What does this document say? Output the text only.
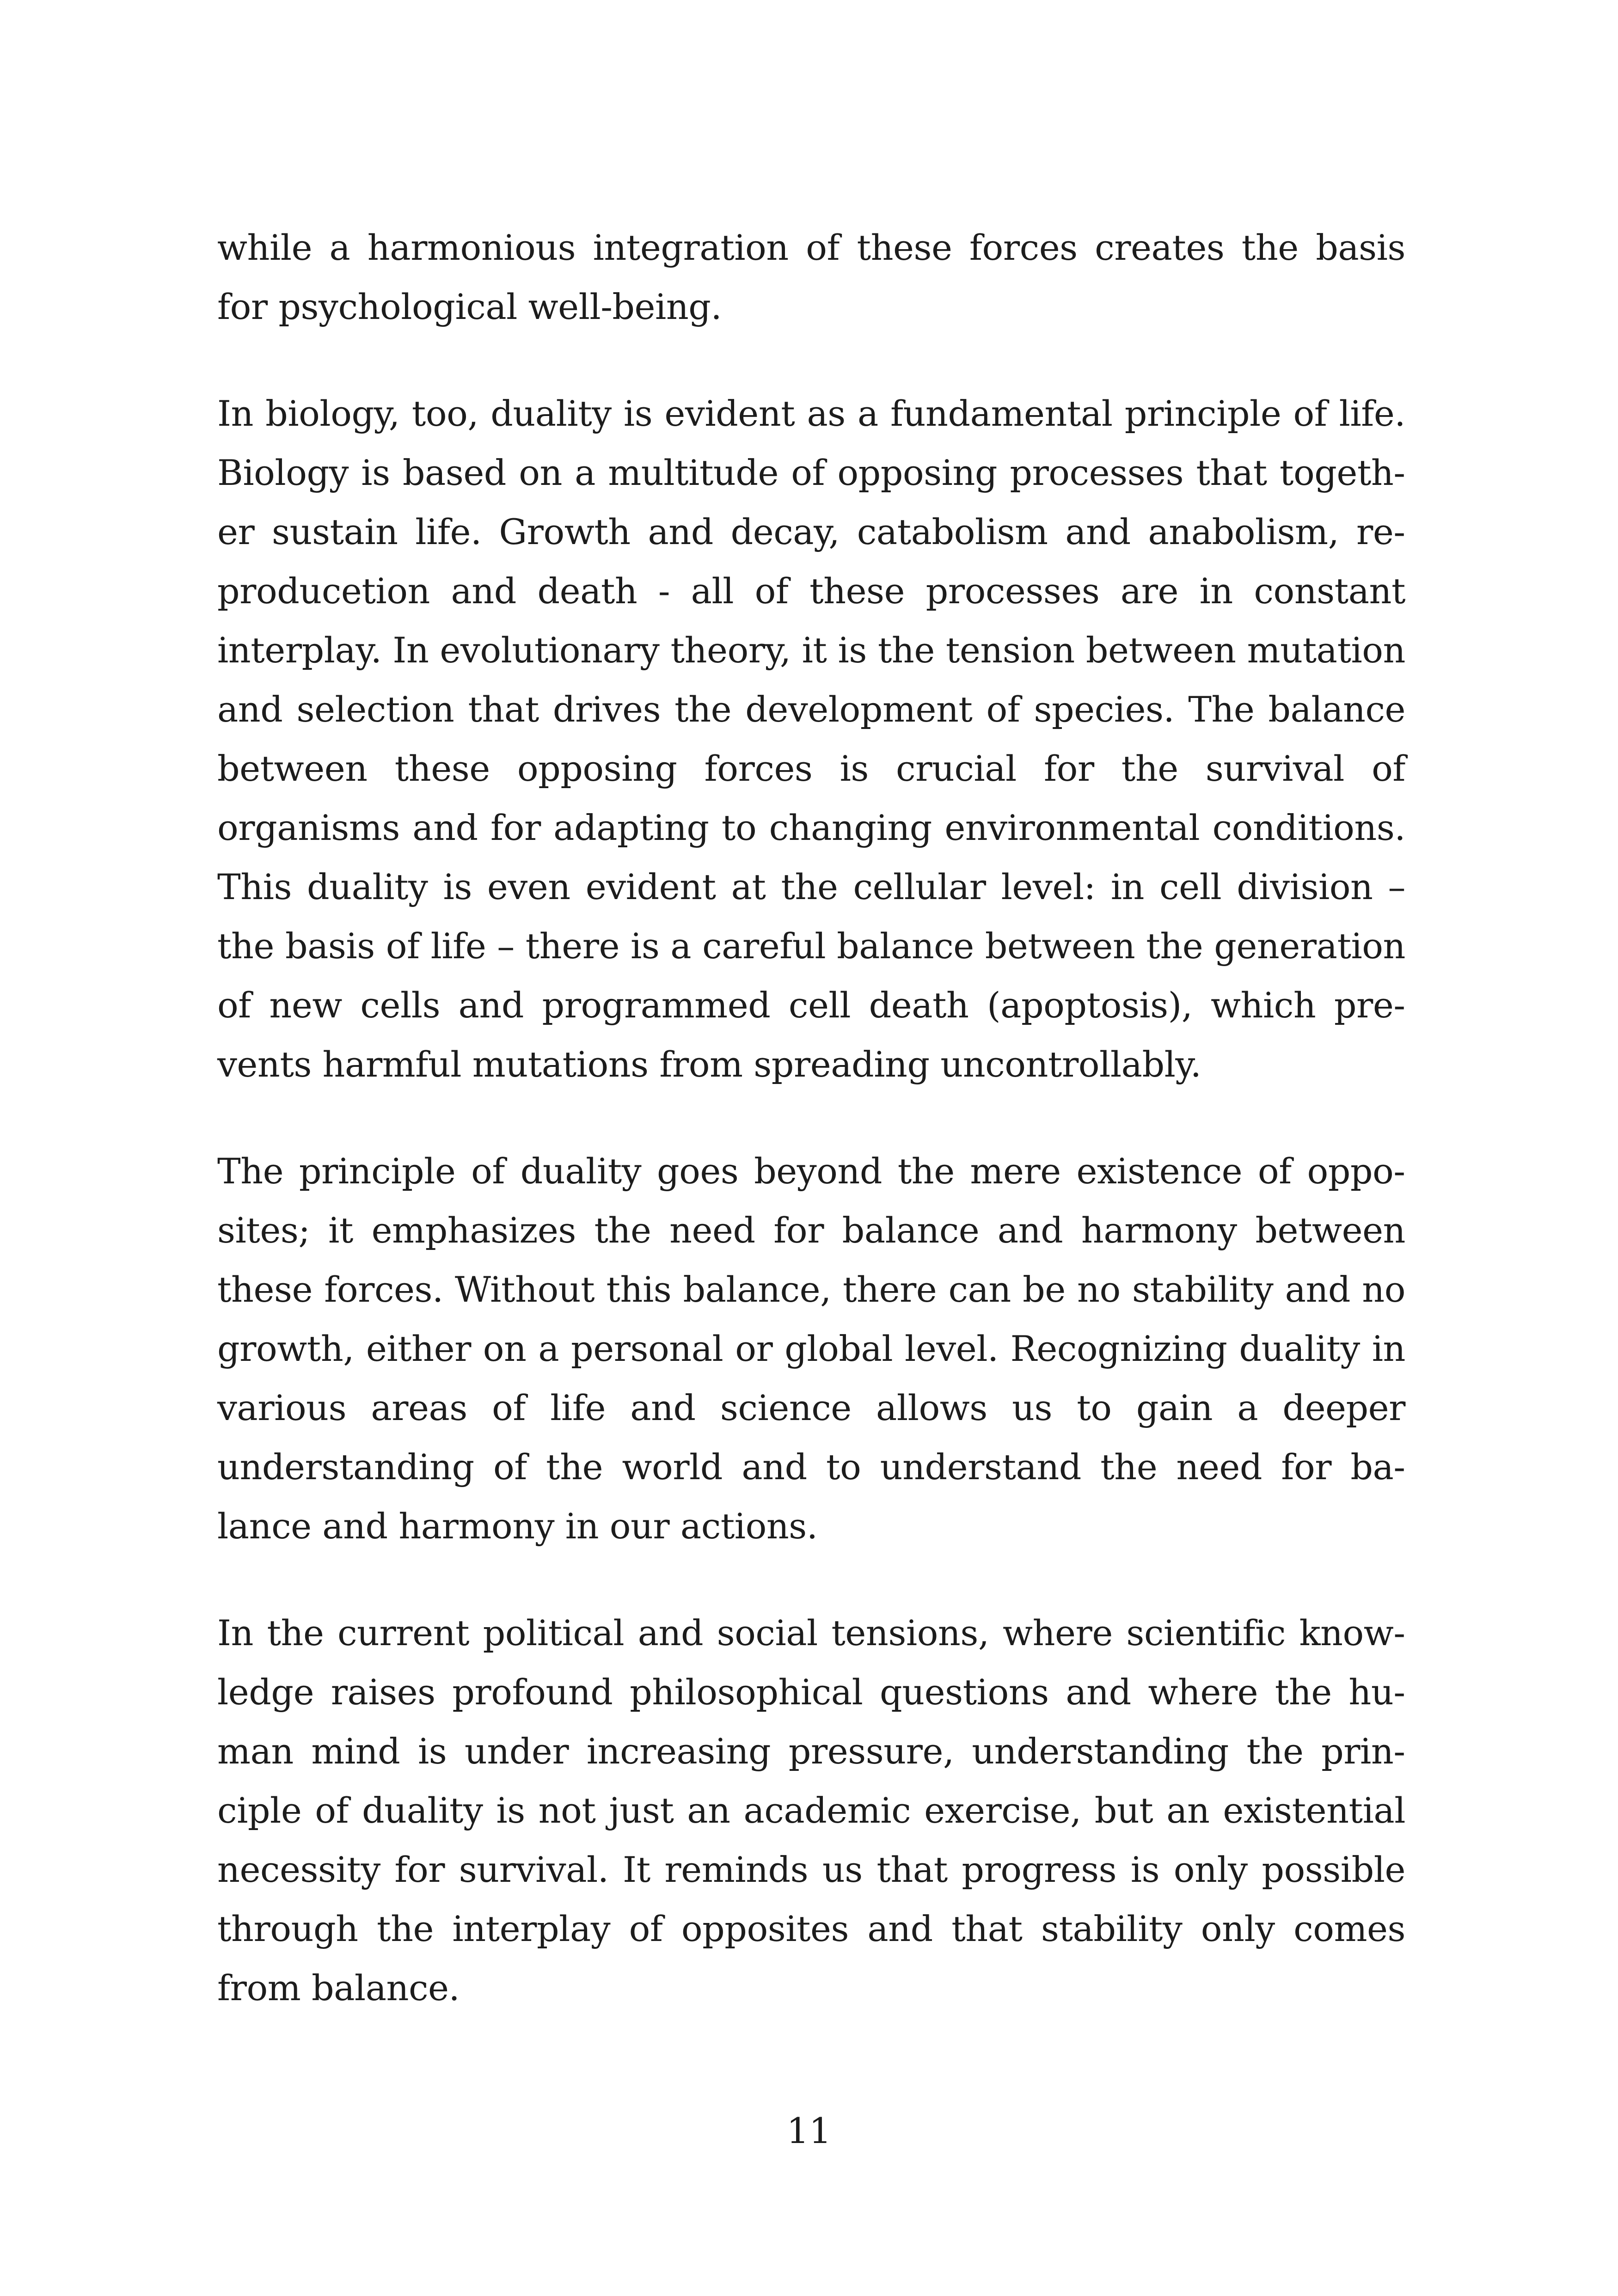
while a harmonious integration of these forces creates the basis for psychological well-being.

In biology, too, duality is evident as a fundamental principle of life. Biology is based on a multitude of opposing processes that together sustain life. Growth and decay, catabolism and anabolism, reproducetion and death - all of these processes are in constant interplay. In evolutionary theory, it is the tension between mutation and selection that drives the development of species. The balance between these opposing forces is crucial for the survival of organisms and for adapting to changing environmental conditions. This duality is even evident at the cellular level: in cell division – the basis of life – there is a careful balance between the generation of new cells and programmed cell death (apoptosis), which prevents harmful mutations from spreading uncontrollably.

The principle of duality goes beyond the mere existence of opposites; it emphasizes the need for balance and harmony between these forces. Without this balance, there can be no stability and no growth, either on a personal or global level. Recognizing duality in various areas of life and science allows us to gain a deeper understanding of the world and to understand the need for balance and harmony in our actions.

In the current political and social tensions, where scientific knowledge raises profound philosophical questions and where the human mind is under increasing pressure, understanding the principle of duality is not just an academic exercise, but an existential necessity for survival. It reminds us that progress is only possible through the interplay of opposites and that stability only comes from balance.

11
